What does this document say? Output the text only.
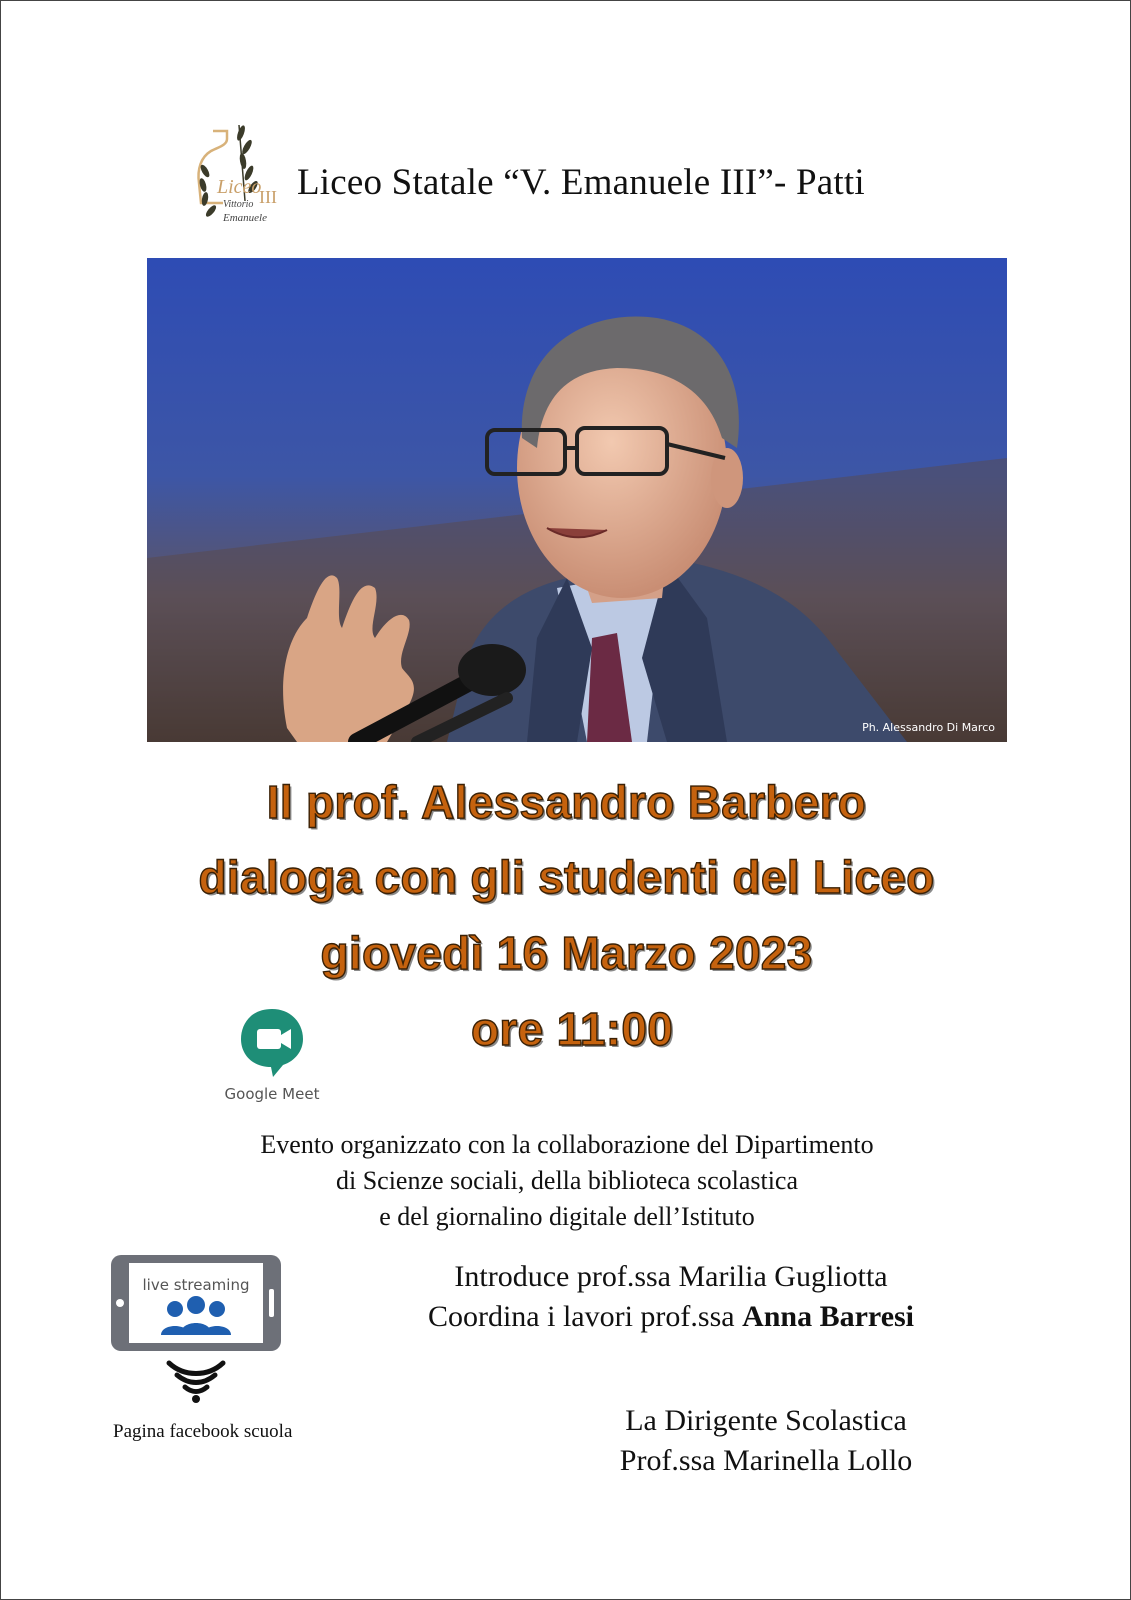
Liceo
Vittorio
Emanuele
III Liceo Statale “V. Emanuele III”- Patti
Ph. Alessandro Di Marco
Il prof. Alessandro Barbero
dialoga con gli studenti del Liceo
giovedì 16 Marzo 2023
ore 11:00
Google Meet
Evento organizzato con la collaborazione del Dipartimento
di Scienze sociali, della biblioteca scolastica
e del giornalino digitale dell’Istituto
live streaming
Pagina facebook scuola
Introduce prof.ssa Marilia Gugliotta
Coordina i lavori prof.ssa Anna Barresi
La Dirigente Scolastica
Prof.ssa Marinella Lollo
